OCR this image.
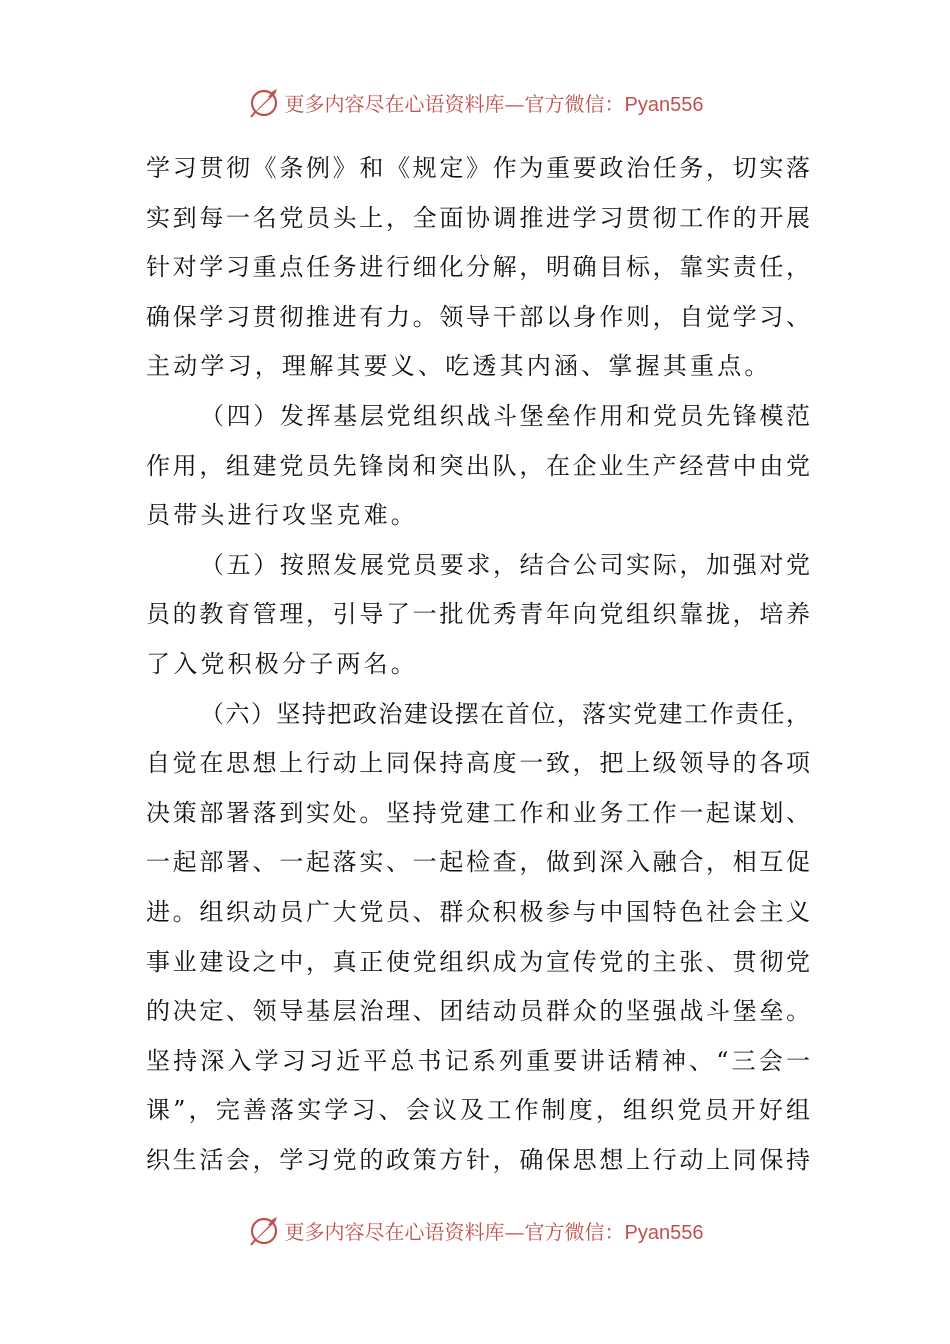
更多内容尽在心语资料库—官方微信：Pyan556
学习贯彻《条例》和《规定》作为重要政治任务，切实落
实到每一名党员头上，全面协调推进学习贯彻工作的开展
针对学习重点任务进行细化分解，明确目标，靠实责任，
确保学习贯彻推进有力。领导干部以身作则，自觉学习、
主动学习，理解其要义、吃透其内涵、掌握其重点。
（四）发挥基层党组织战斗堡垒作用和党员先锋模范
作用，组建党员先锋岗和突出队，在企业生产经营中由党
员带头进行攻坚克难。
（五）按照发展党员要求，结合公司实际，加强对党
员的教育管理，引导了一批优秀青年向党组织靠拢，培养
了入党积极分子两名。
（六）坚持把政治建设摆在首位，落实党建工作责任，
自觉在思想上行动上同保持高度一致，把上级领导的各项
决策部署落到实处。坚持党建工作和业务工作一起谋划、
一起部署、一起落实、一起检查，做到深入融合，相互促
进。组织动员广大党员、群众积极参与中国特色社会主义
事业建设之中，真正使党组织成为宣传党的主张、贯彻党
的决定、领导基层治理、团结动员群众的坚强战斗堡垒。
坚持深入学习习近平总书记系列重要讲话精神、“三会一
课”，完善落实学习、会议及工作制度，组织党员开好组
织生活会，学习党的政策方针，确保思想上行动上同保持
更多内容尽在心语资料库—官方微信：Pyan556
